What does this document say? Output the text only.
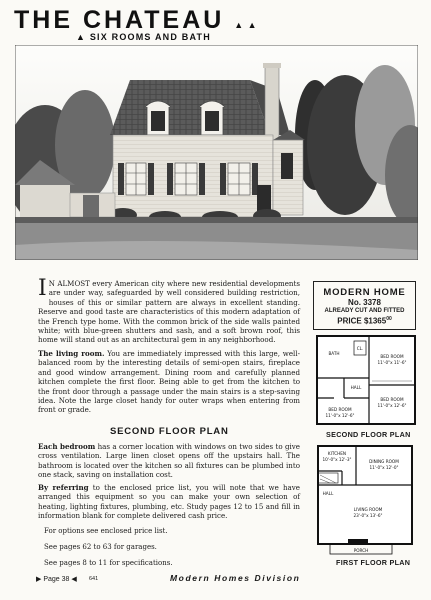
THE CHATEAU ▲ ▲
▲ SIX ROOMS AND BATH

I N ALMOST every American city where new residential developments are under way, safeguarded by well considered building restriction, houses of this or similar pattern are always in excellent standing. Reserve and good taste are characteristics of this modern adaptation of the French type home. With the common brick of the side walls painted white; with blue-green shutters and sash, and a soft brown roof, this home will stand out as an architectural gem in any neighborhood.

The living room. You are immediately impressed with this large, well-balanced room by the interesting details of semi-open stairs, fireplace and good window arrangement. Dining room and carefully planned kitchen complete the first floor. Being able to get from the kitchen to the front door through a passage under the main stairs is a step-saving idea. Note the large closet handy for outer wraps when entering from front or grade.

SECOND FLOOR PLAN

Each bedroom has a corner location with windows on two sides to give cross ventilation. Large linen closet opens off the upstairs hall. The bathroom is located over the kitchen so all fixtures can be plumbed into one stack, saving on installation cost.

By referring to the enclosed price list, you will note that we have arranged this equipment so you can make your own selection of heating, lighting fixtures, plumbing, etc. Study pages 12 to 15 and fill in information blank for complete delivered cash price.

For options see enclosed price list.
See pages 62 to 63 for garages.
See pages 8 to 11 for specifications.
MODERN HOME
No. 3378
ALREADY CUT AND FITTED
PRICE $1365$^{00}$
BED ROOM
11'-0"x 11'-6"
BED ROOM
11'-0"x 12'-6"
BED ROOM
11'-0"x 12'-6"
BATH
HALL
CL.
SECOND FLOOR PLAN
KITCHEN
10'-0"x 12'-3"	DINING ROOM
11'-0"x 12'-0"
LIVING ROOM
23'-0"x 13'-6"
HALL
PORCH
FIRST FLOOR PLAN
▶ Page 38 ◀ 641	Modern Homes Division
